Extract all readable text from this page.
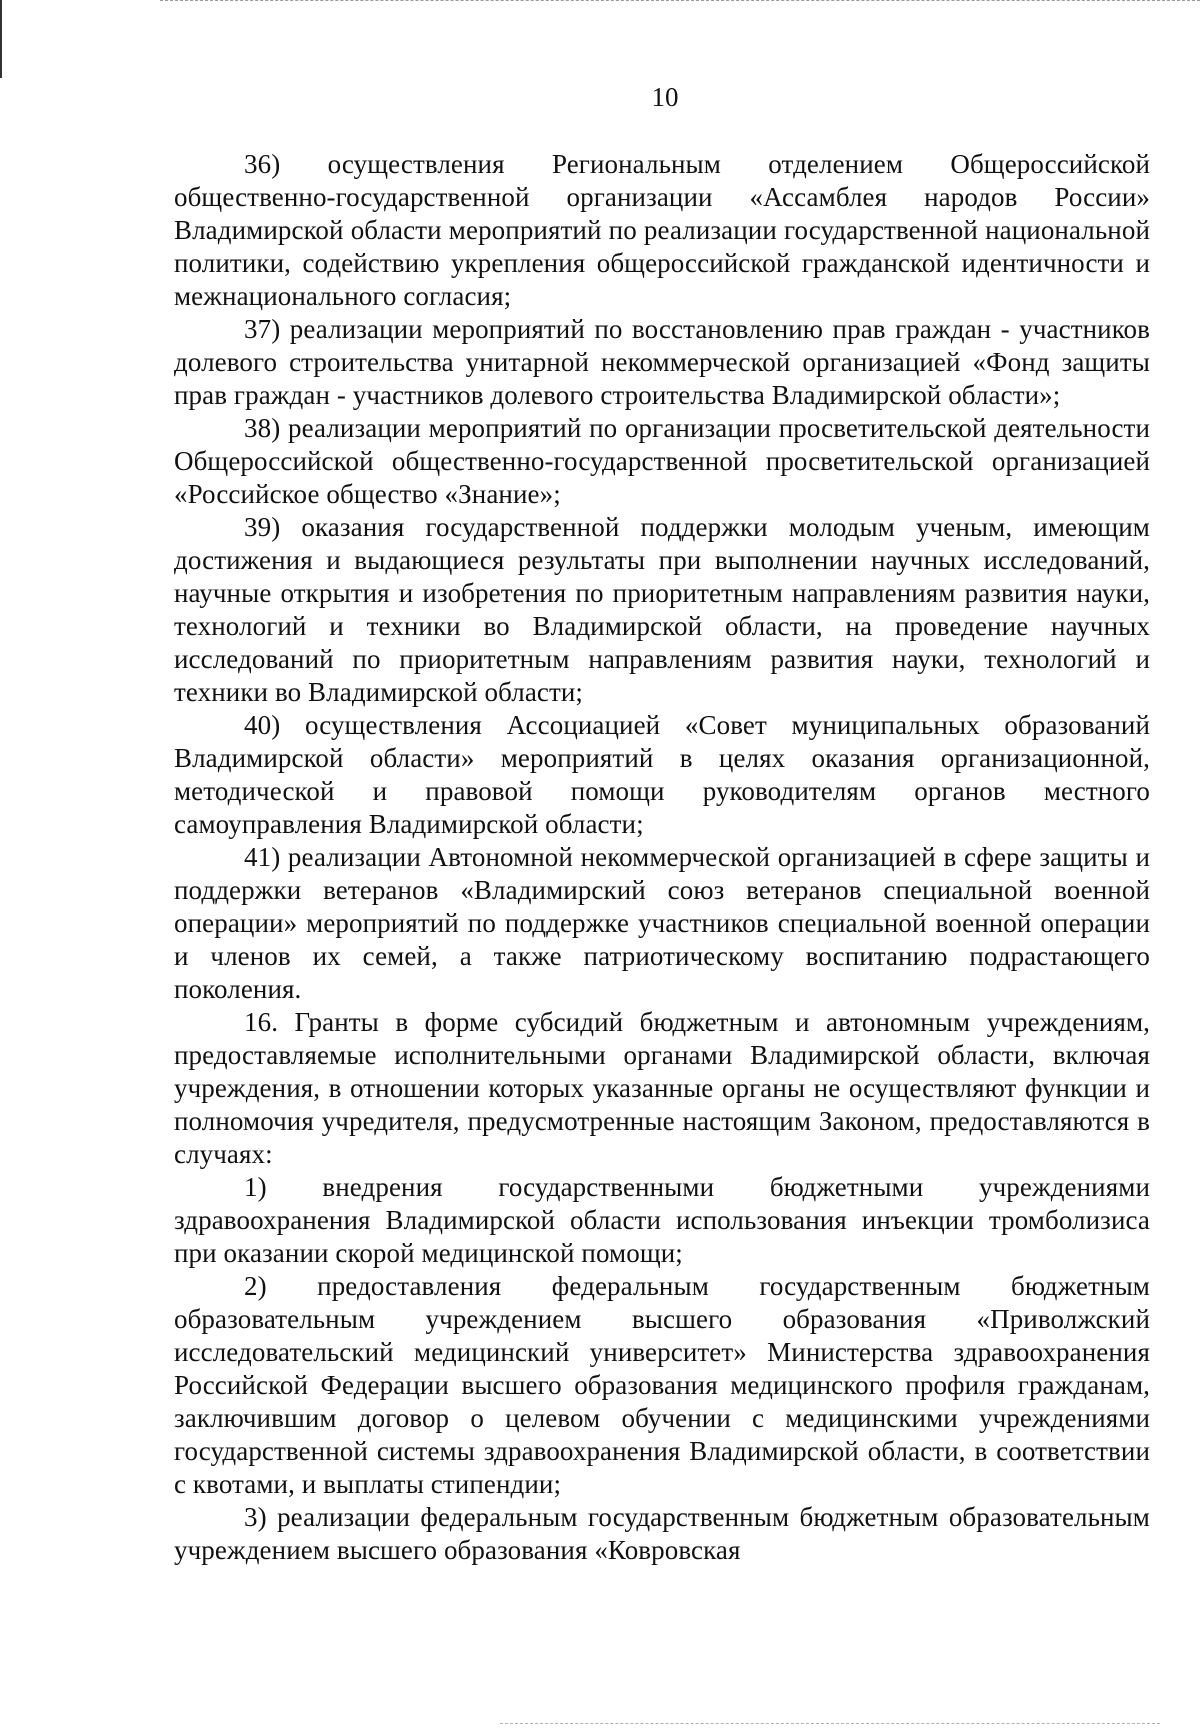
10

36) осуществления Региональным отделением Общероссийской общественно-государственной организации «Ассамблея народов России» Владимирской области мероприятий по реализации государственной национальной политики, содействию укрепления общероссийской гражданской идентичности и межнационального согласия;

37) реализации мероприятий по восстановлению прав граждан - участников долевого строительства унитарной некоммерческой организацией «Фонд защиты прав граждан - участников долевого строительства Владимирской области»;

38) реализации мероприятий по организации просветительской деятельности Общероссийской общественно-государственной просветительской организацией «Российское общество «Знание»;

39) оказания государственной поддержки молодым ученым, имеющим достижения и выдающиеся результаты при выполнении научных исследований, научные открытия и изобретения по приоритетным направлениям развития науки, технологий и техники во Владимирской области, на проведение научных исследований по приоритетным направлениям развития науки, технологий и техники во Владимирской области;

40) осуществления Ассоциацией «Совет муниципальных образований Владимирской области» мероприятий в целях оказания организационной, методической и правовой помощи руководителям органов местного самоуправления Владимирской области;

41) реализации Автономной некоммерческой организацией в сфере защиты и поддержки ветеранов «Владимирский союз ветеранов специальной военной операции» мероприятий по поддержке участников специальной военной операции и членов их семей, а также патриотическому воспитанию подрастающего поколения.

16. Гранты в форме субсидий бюджетным и автономным учреждениям, предоставляемые исполнительными органами Владимирской области, включая учреждения, в отношении которых указанные органы не осуществляют функции и полномочия учредителя, предусмотренные настоящим Законом, предоставляются в случаях:

1) внедрения государственными бюджетными учреждениями здравоохранения Владимирской области использования инъекции тромболизиса при оказании скорой медицинской помощи;

2) предоставления федеральным государственным бюджетным образовательным учреждением высшего образования «Приволжский исследовательский медицинский университет» Министерства здравоохранения Российской Федерации высшего образования медицинского профиля гражданам, заключившим договор о целевом обучении с медицинскими учреждениями государственной системы здравоохранения Владимирской области, в соответствии с квотами, и выплаты стипендии;

3) реализации федеральным государственным бюджетным образовательным учреждением высшего образования «Ковровская
